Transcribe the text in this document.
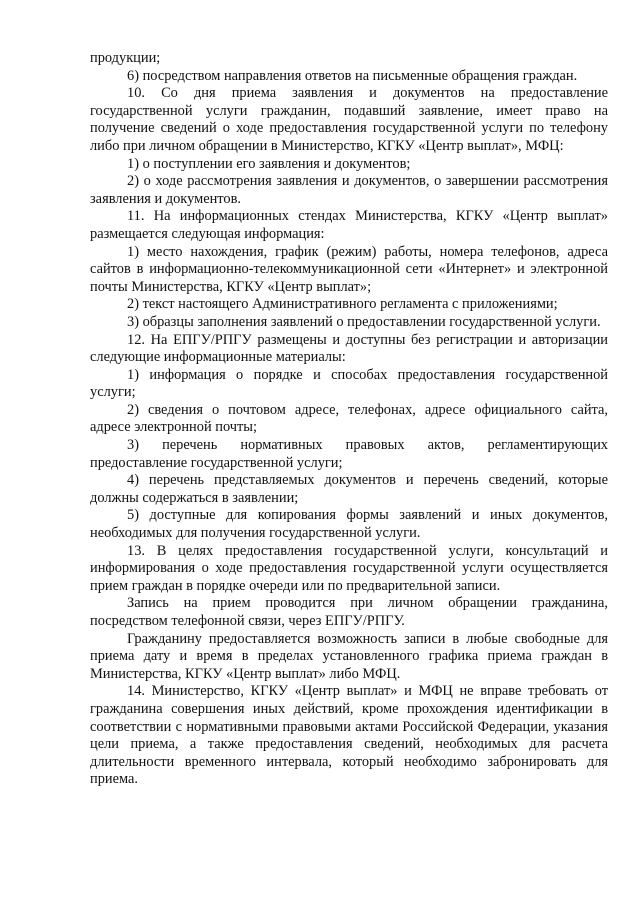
продукции;

6) посредством направления ответов на письменные обращения граждан.

10. Со дня приема заявления и документов на предоставление государственной услуги гражданин, подавший заявление, имеет право на получение сведений о ходе предоставления государственной услуги по телефону либо при личном обращении в Министерство, КГКУ «Центр выплат», МФЦ:

1) о поступлении его заявления и документов;

2) о ходе рассмотрения заявления и документов, о завершении рассмотрения заявления и документов.

11. На информационных стендах Министерства, КГКУ «Центр выплат» размещается следующая информация:

1) место нахождения, график (режим) работы, номера телефонов, адреса сайтов в информационно-телекоммуникационной сети «Интернет» и электронной почты Министерства, КГКУ «Центр выплат»;

2) текст настоящего Административного регламента с приложениями;

3) образцы заполнения заявлений о предоставлении государственной услуги.

12. На ЕПГУ/РПГУ размещены и доступны без регистрации и авторизации следующие информационные материалы:

1) информация о порядке и способах предоставления государственной услуги;

2) сведения о почтовом адресе, телефонах, адресе официального сайта, адресе электронной почты;

3) перечень нормативных правовых актов, регламентирующих предоставление государственной услуги;

4) перечень представляемых документов и перечень сведений, которые должны содержаться в заявлении;

5) доступные для копирования формы заявлений и иных документов, необходимых для получения государственной услуги.

13. В целях предоставления государственной услуги, консультаций и информирования о ходе предоставления государственной услуги осуществляется прием граждан в порядке очереди или по предварительной записи.

Запись на прием проводится при личном обращении гражданина, посредством телефонной связи, через ЕПГУ/РПГУ.

Гражданину предоставляется возможность записи в любые свободные для приема дату и время в пределах установленного графика приема граждан в Министерства, КГКУ «Центр выплат» либо МФЦ.

14. Министерство, КГКУ «Центр выплат» и МФЦ не вправе требовать от гражданина совершения иных действий, кроме прохождения идентификации в соответствии с нормативными правовыми актами Российской Федерации, указания цели приема, а также предоставления сведений, необходимых для расчета длительности временного интервала, который необходимо забронировать для приема.
